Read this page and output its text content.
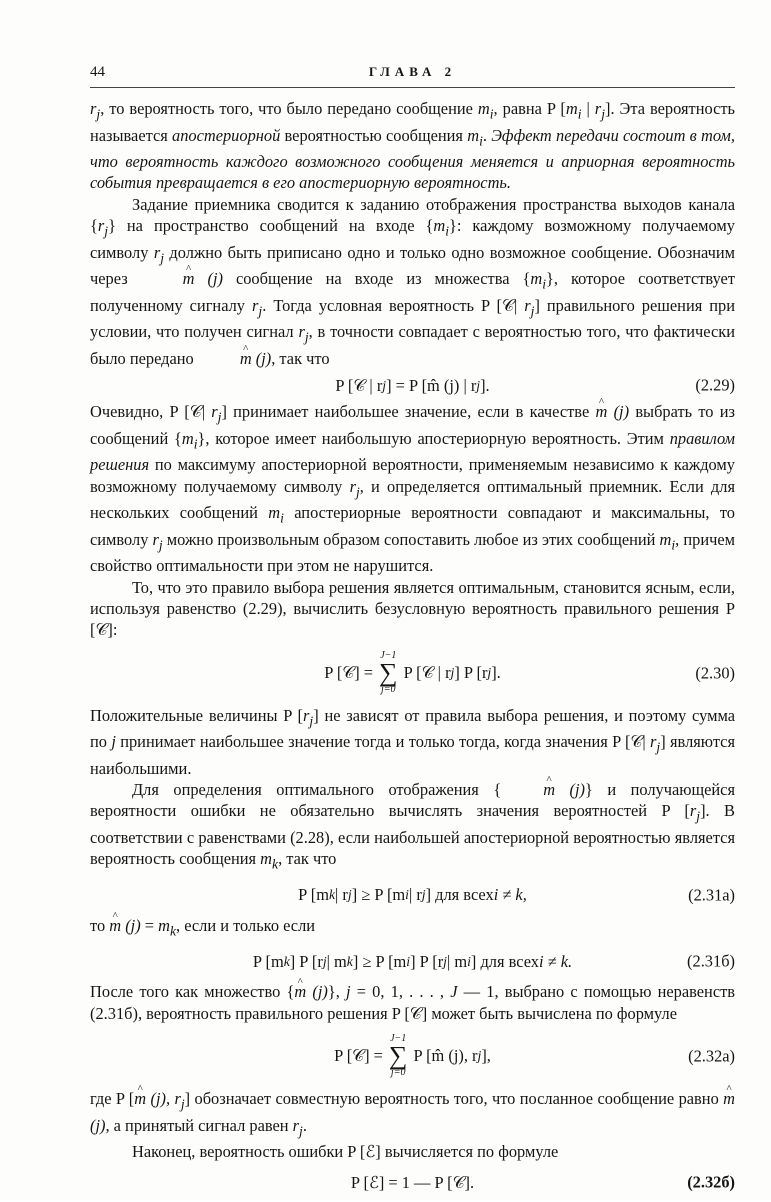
44	ГЛАВА 2

$r_j$, то вероятность того, что было передано сообщение $m_i$, равна P [$m_i$ | $r_j$]. Эта вероятность называется апостериорной вероятностью сообщения $m_i$. Эффект передачи состоит в том, что вероятность каждого возможного сообщения меняется и априорная вероятность события превращается в его апостериорную вероятность.

Задание приемника сводится к заданию отображения пространства выходов канала $\{r_j\}$ на пространство сообщений на входе $\{m_i\}$: каждому возможному получаемому символу $r_j$ должно быть приписано одно и только одно возможное сообщение. Обозначим через	^ m (j) сообщение на входе из множества $\{m_i\}$, которое соответствует полученному сигналу $r_j$. Тогда условная вероятность P [𝒞| $r_j$] правильного решения при условии, что получен сигнал $r_j$, в точности совпадает с вероятностью того, что фактически было передано	^ m (j), так что

P [𝒞 | r j ] = P [m̂ (j) | r j ].	(2.29)

Очевидно, P [𝒞| $r_j$] принимает наибольшее значение, если в качестве ^ m (j) выбрать то из сообщений $\{m_i\}$, которое имеет наибольшую апостериорную вероятность. Этим правилом решения по максимуму апостериорной вероятности, применяемым независимо к каждому возможному получаемому символу $r_j$, и определяется оптимальный приемник. Если для нескольких сообщений $m_i$ апостериорные вероятности совпадают и максимальны, то символу $r_j$ можно произвольным образом сопоставить любое из этих сообщений $m_i$, причем свойство оптимальности при этом не нарушится.

То, что это правило выбора решения является оптимальным, становится ясным, если, используя равенство (2.29), вычислить безусловную вероятность правильного решения P [𝒞]:

P [𝒞] =
J−1
∑
j=0
P [𝒞 | r j ] P [r j ].	(2.30)

Положительные величины P $[r_j]$ не зависят от правила выбора решения, и поэтому сумма по j принимает наибольшее значение тогда и только тогда, когда значения P [𝒞| $r_j$] являются наибольшими.

Для определения оптимального отображения {	^ m (j)} и получающейся вероятности ошибки не обязательно вычислять значения вероятностей P $[r_j]$. В соответствии с равенствами (2.28), если наибольшей апостериорной вероятностью является вероятность сообщения $m_k$, так что

P [m k | r j ] ≥ P [m i | r j ] для всех i ≠ k,	(2.31а)

то ^ m $(j) = m_k$, если и только если

P [m k ] P [r j | m k ] ≥ P [m i ] P [r j | m i ] для всех i ≠ k.	(2.31б)

После того как множество {^ m (j)}, j = 0, 1, . . . , J — 1, выбрано с помощью неравенств (2.31б), вероятность правильного решения P [𝒞] может быть вычислена по формуле

P [𝒞] =
J−1
∑
j=0
P [m̂ (j), r j ],	(2.32а)

где P [^ m (j), $r_j$] обозначает совместную вероятность того, что посланное сообщение равно ^ m (j), а принятый сигнал равен $r_j$.

Наконец, вероятность ошибки P [ℰ] вычисляется по формуле

P [ℰ] = 1 — P [𝒞].	(2.32б)
